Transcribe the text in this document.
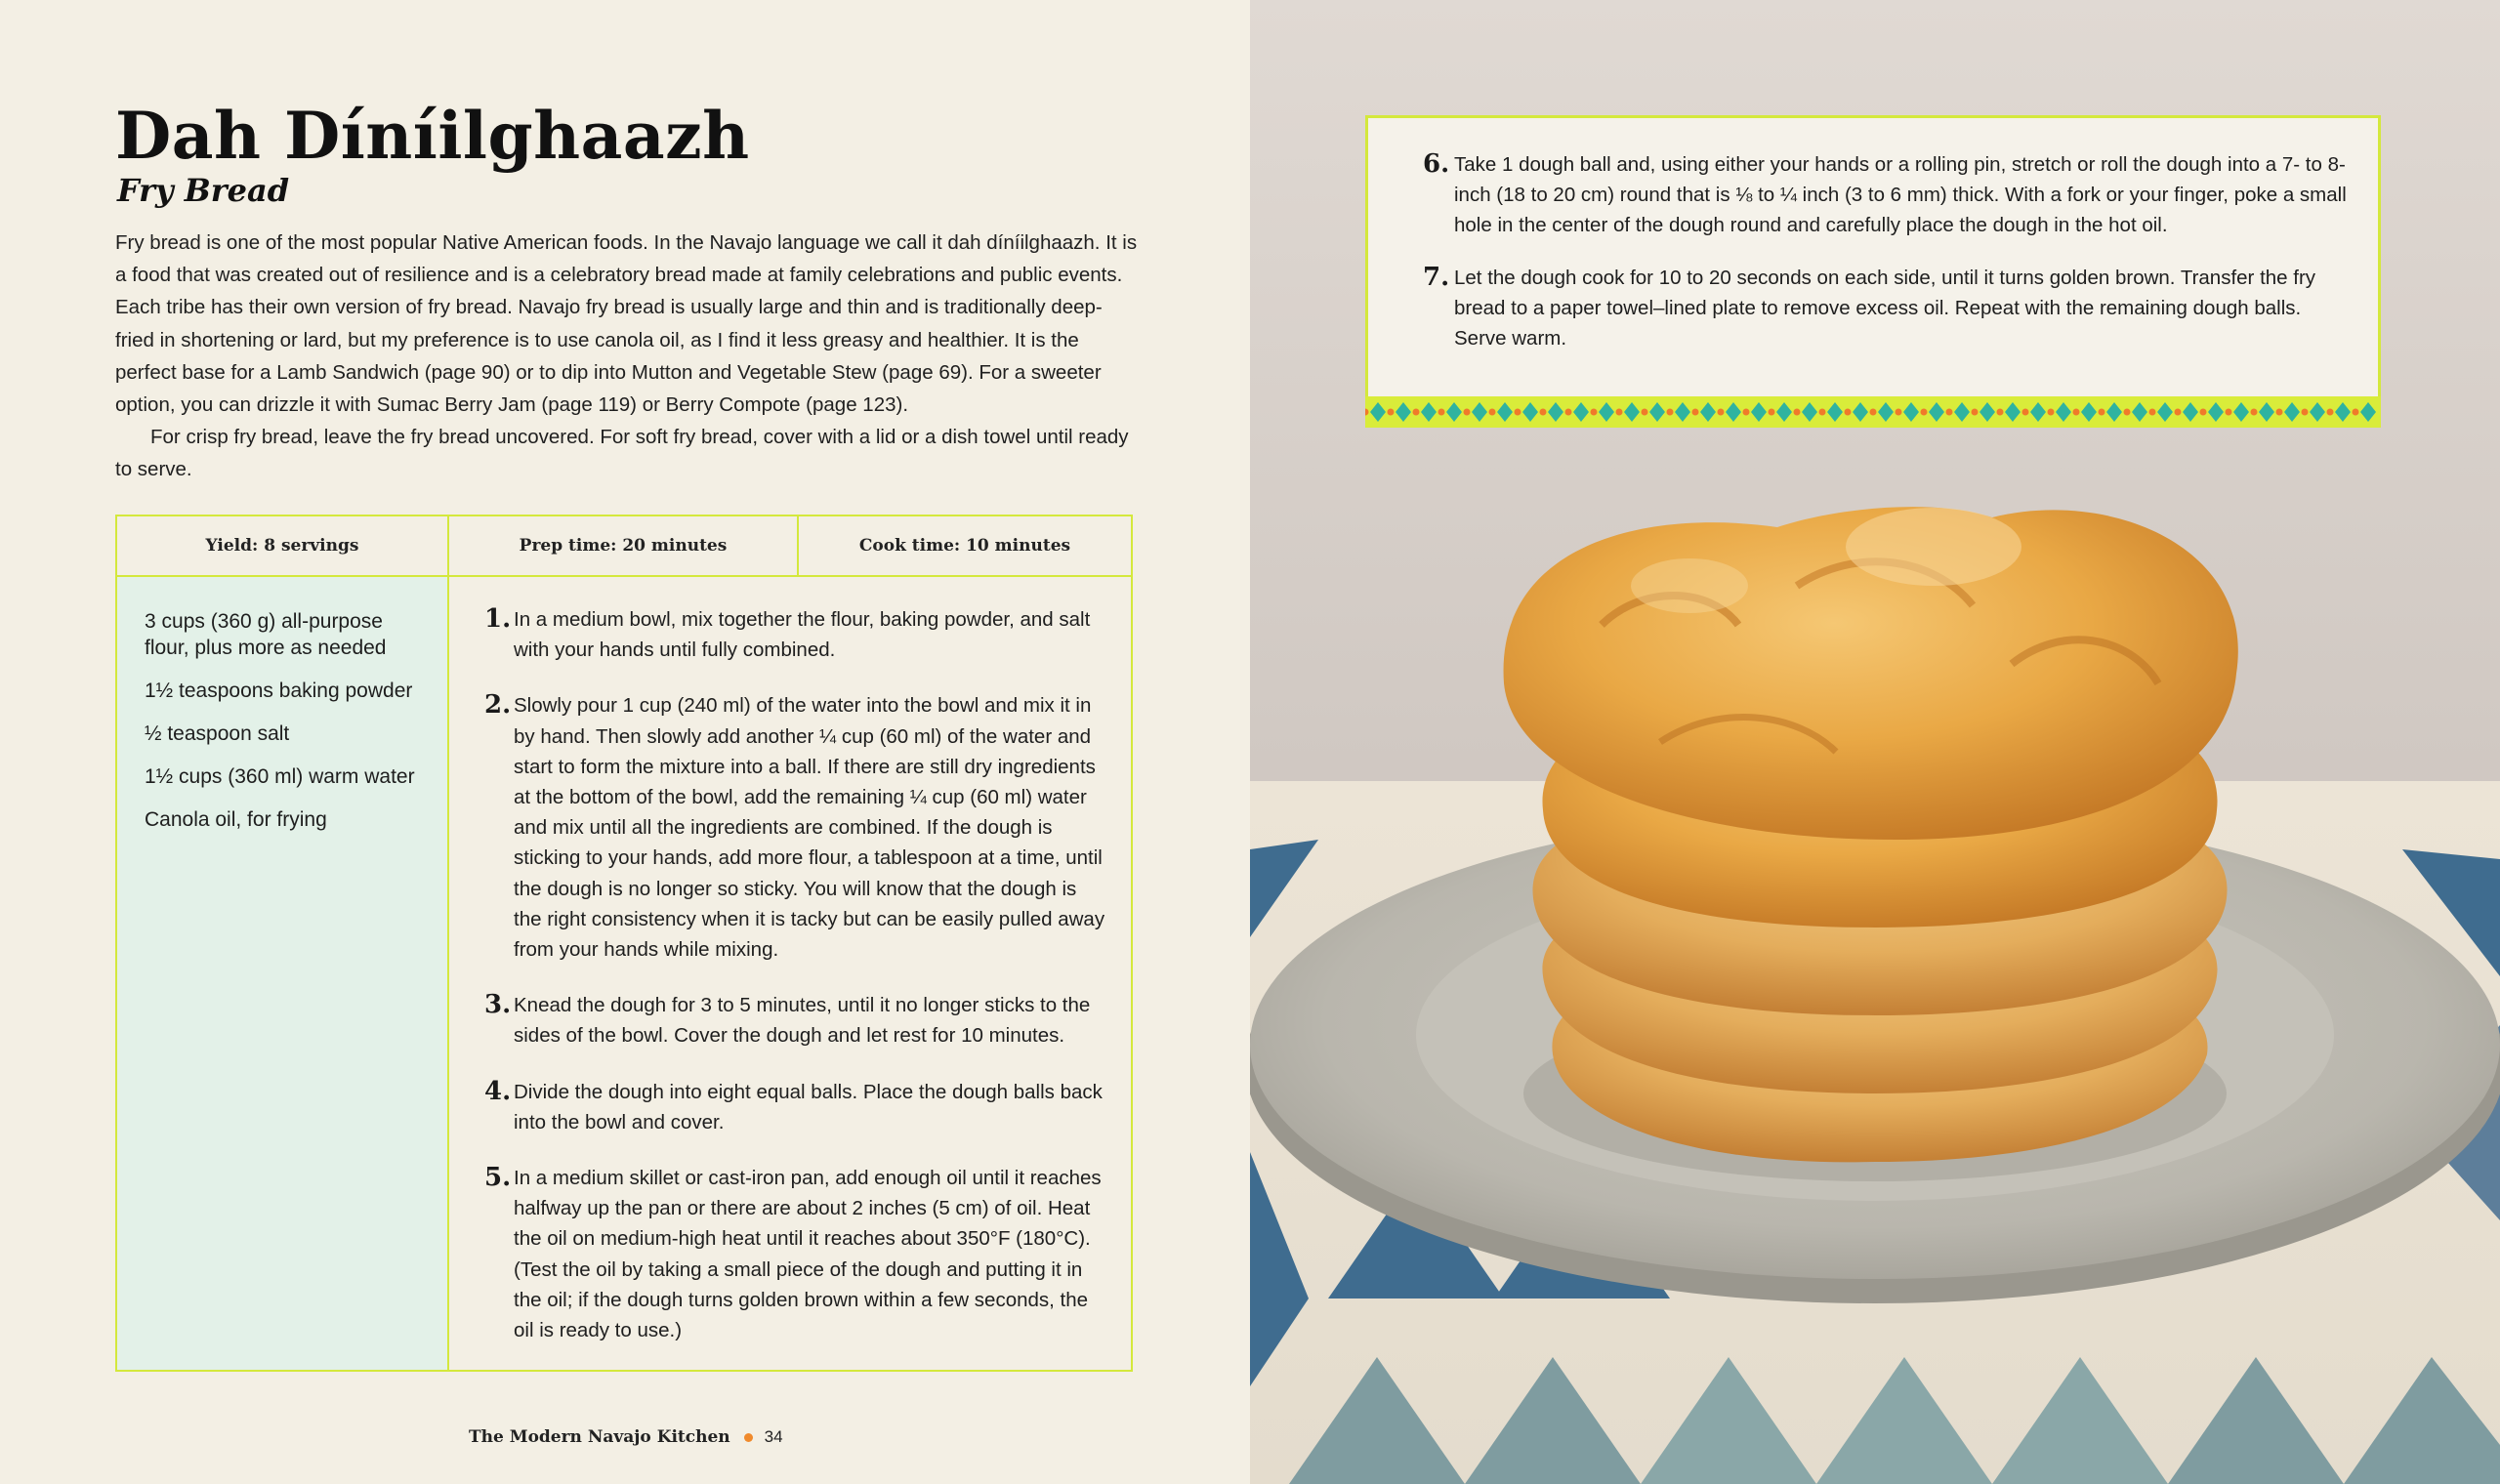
Dah Díníilghaazh
Fry Bread

Fry bread is one of the most popular Native American foods. In the Navajo language we call it dah díníilghaazh. It is a food that was created out of resilience and is a celebratory bread made at family celebrations and public events. Each tribe has their own version of fry bread. Navajo fry bread is usually large and thin and is traditionally deep-fried in shortening or lard, but my preference is to use canola oil, as I find it less greasy and healthier. It is the perfect base for a Lamb Sandwich (page 90) or to dip into Mutton and Vegetable Stew (page 69). For a sweeter option, you can drizzle it with Sumac Berry Jam (page 119) or Berry Compote (page 123).

For crisp fry bread, leave the fry bread uncovered. For soft fry bread, cover with a lid or a dish towel until ready to serve.

Yield: 8 servings	Prep time: 20 minutes	Cook time: 10 minutes
3 cups (360 g) all-purpose flour, plus more as needed
1½ teaspoons baking powder
½ teaspoon salt
1½ cups (360 ml) warm water
Canola oil, for frying
1. In a medium bowl, mix together the flour, baking powder, and salt with your hands until fully combined.
2. Slowly pour 1 cup (240 ml) of the water into the bowl and mix it in by hand. Then slowly add another ¼ cup (60 ml) of the water and start to form the mixture into a ball. If there are still dry ingredients at the bottom of the bowl, add the remaining ¼ cup (60 ml) water and mix until all the ingredients are combined. If the dough is sticking to your hands, add more flour, a tablespoon at a time, until the dough is no longer so sticky. You will know that the dough is the right consistency when it is tacky but can be easily pulled away from your hands while mixing.
3. Knead the dough for 3 to 5 minutes, until it no longer sticks to the sides of the bowl. Cover the dough and let rest for 10 minutes.
4. Divide the dough into eight equal balls. Place the dough balls back into the bowl and cover.
5. In a medium skillet or cast-iron pan, add enough oil until it reaches halfway up the pan or there are about 2 inches (5 cm) of oil. Heat the oil on medium-high heat until it reaches about 350°F (180°C). (Test the oil by taking a small piece of the dough and putting it in the oil; if the dough turns golden brown within a few seconds, the oil is ready to use.)
The Modern Navajo Kitchen 34
6. Take 1 dough ball and, using either your hands or a rolling pin, stretch or roll the dough into a 7- to 8-inch (18 to 20 cm) round that is ⅛ to ¼ inch (3 to 6 mm) thick. With a fork or your finger, poke a small hole in the center of the dough round and carefully place the dough in the hot oil.
7. Let the dough cook for 10 to 20 seconds on each side, until it turns golden brown. Transfer the fry bread to a paper towel–lined plate to remove excess oil. Repeat with the remaining dough balls. Serve warm.
